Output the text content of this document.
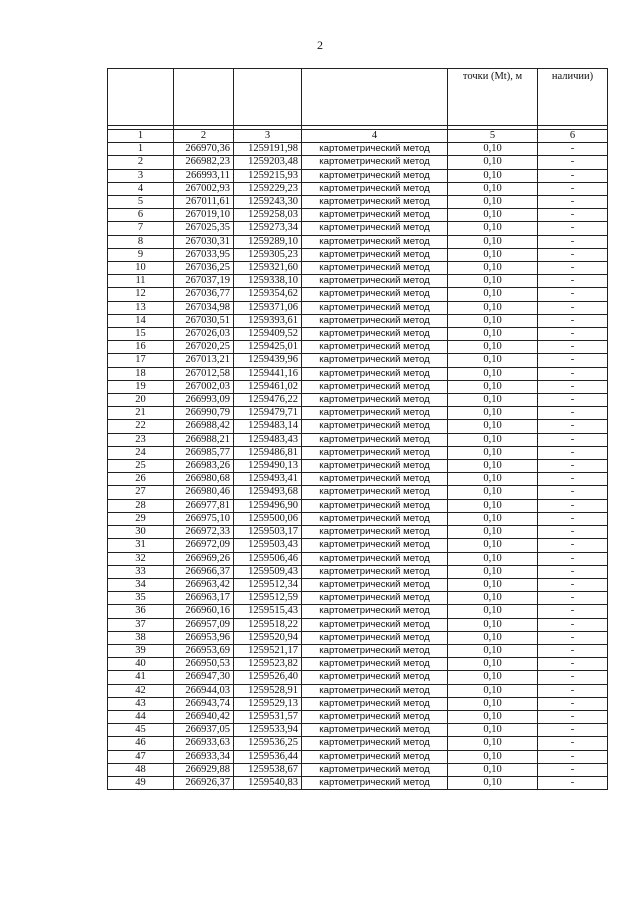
2
				точки (Mt), м	наличии)

1	2	3	4	5	6
1	266970,36	1259191,98	картометрический метод	0,10	-
2	266982,23	1259203,48	картометрический метод	0,10	-
3	266993,11	1259215,93	картометрический метод	0,10	-
4	267002,93	1259229,23	картометрический метод	0,10	-
5	267011,61	1259243,30	картометрический метод	0,10	-
6	267019,10	1259258,03	картометрический метод	0,10	-
7	267025,35	1259273,34	картометрический метод	0,10	-
8	267030,31	1259289,10	картометрический метод	0,10	-
9	267033,95	1259305,23	картометрический метод	0,10	-
10	267036,25	1259321,60	картометрический метод	0,10	-
11	267037,19	1259338,10	картометрический метод	0,10	-
12	267036,77	1259354,62	картометрический метод	0,10	-
13	267034,98	1259371,06	картометрический метод	0,10	-
14	267030,51	1259393,61	картометрический метод	0,10	-
15	267026,03	1259409,52	картометрический метод	0,10	-
16	267020,25	1259425,01	картометрический метод	0,10	-
17	267013,21	1259439,96	картометрический метод	0,10	-
18	267012,58	1259441,16	картометрический метод	0,10	-
19	267002,03	1259461,02	картометрический метод	0,10	-
20	266993,09	1259476,22	картометрический метод	0,10	-
21	266990,79	1259479,71	картометрический метод	0,10	-
22	266988,42	1259483,14	картометрический метод	0,10	-
23	266988,21	1259483,43	картометрический метод	0,10	-
24	266985,77	1259486,81	картометрический метод	0,10	-
25	266983,26	1259490,13	картометрический метод	0,10	-
26	266980,68	1259493,41	картометрический метод	0,10	-
27	266980,46	1259493,68	картометрический метод	0,10	-
28	266977,81	1259496,90	картометрический метод	0,10	-
29	266975,10	1259500,06	картометрический метод	0,10	-
30	266972,33	1259503,17	картометрический метод	0,10	-
31	266972,09	1259503,43	картометрический метод	0,10	-
32	266969,26	1259506,46	картометрический метод	0,10	-
33	266966,37	1259509,43	картометрический метод	0,10	-
34	266963,42	1259512,34	картометрический метод	0,10	-
35	266963,17	1259512,59	картометрический метод	0,10	-
36	266960,16	1259515,43	картометрический метод	0,10	-
37	266957,09	1259518,22	картометрический метод	0,10	-
38	266953,96	1259520,94	картометрический метод	0,10	-
39	266953,69	1259521,17	картометрический метод	0,10	-
40	266950,53	1259523,82	картометрический метод	0,10	-
41	266947,30	1259526,40	картометрический метод	0,10	-
42	266944,03	1259528,91	картометрический метод	0,10	-
43	266943,74	1259529,13	картометрический метод	0,10	-
44	266940,42	1259531,57	картометрический метод	0,10	-
45	266937,05	1259533,94	картометрический метод	0,10	-
46	266933,63	1259536,25	картометрический метод	0,10	-
47	266933,34	1259536,44	картометрический метод	0,10	-
48	266929,88	1259538,67	картометрический метод	0,10	-
49	266926,37	1259540,83	картометрический метод	0,10	-
